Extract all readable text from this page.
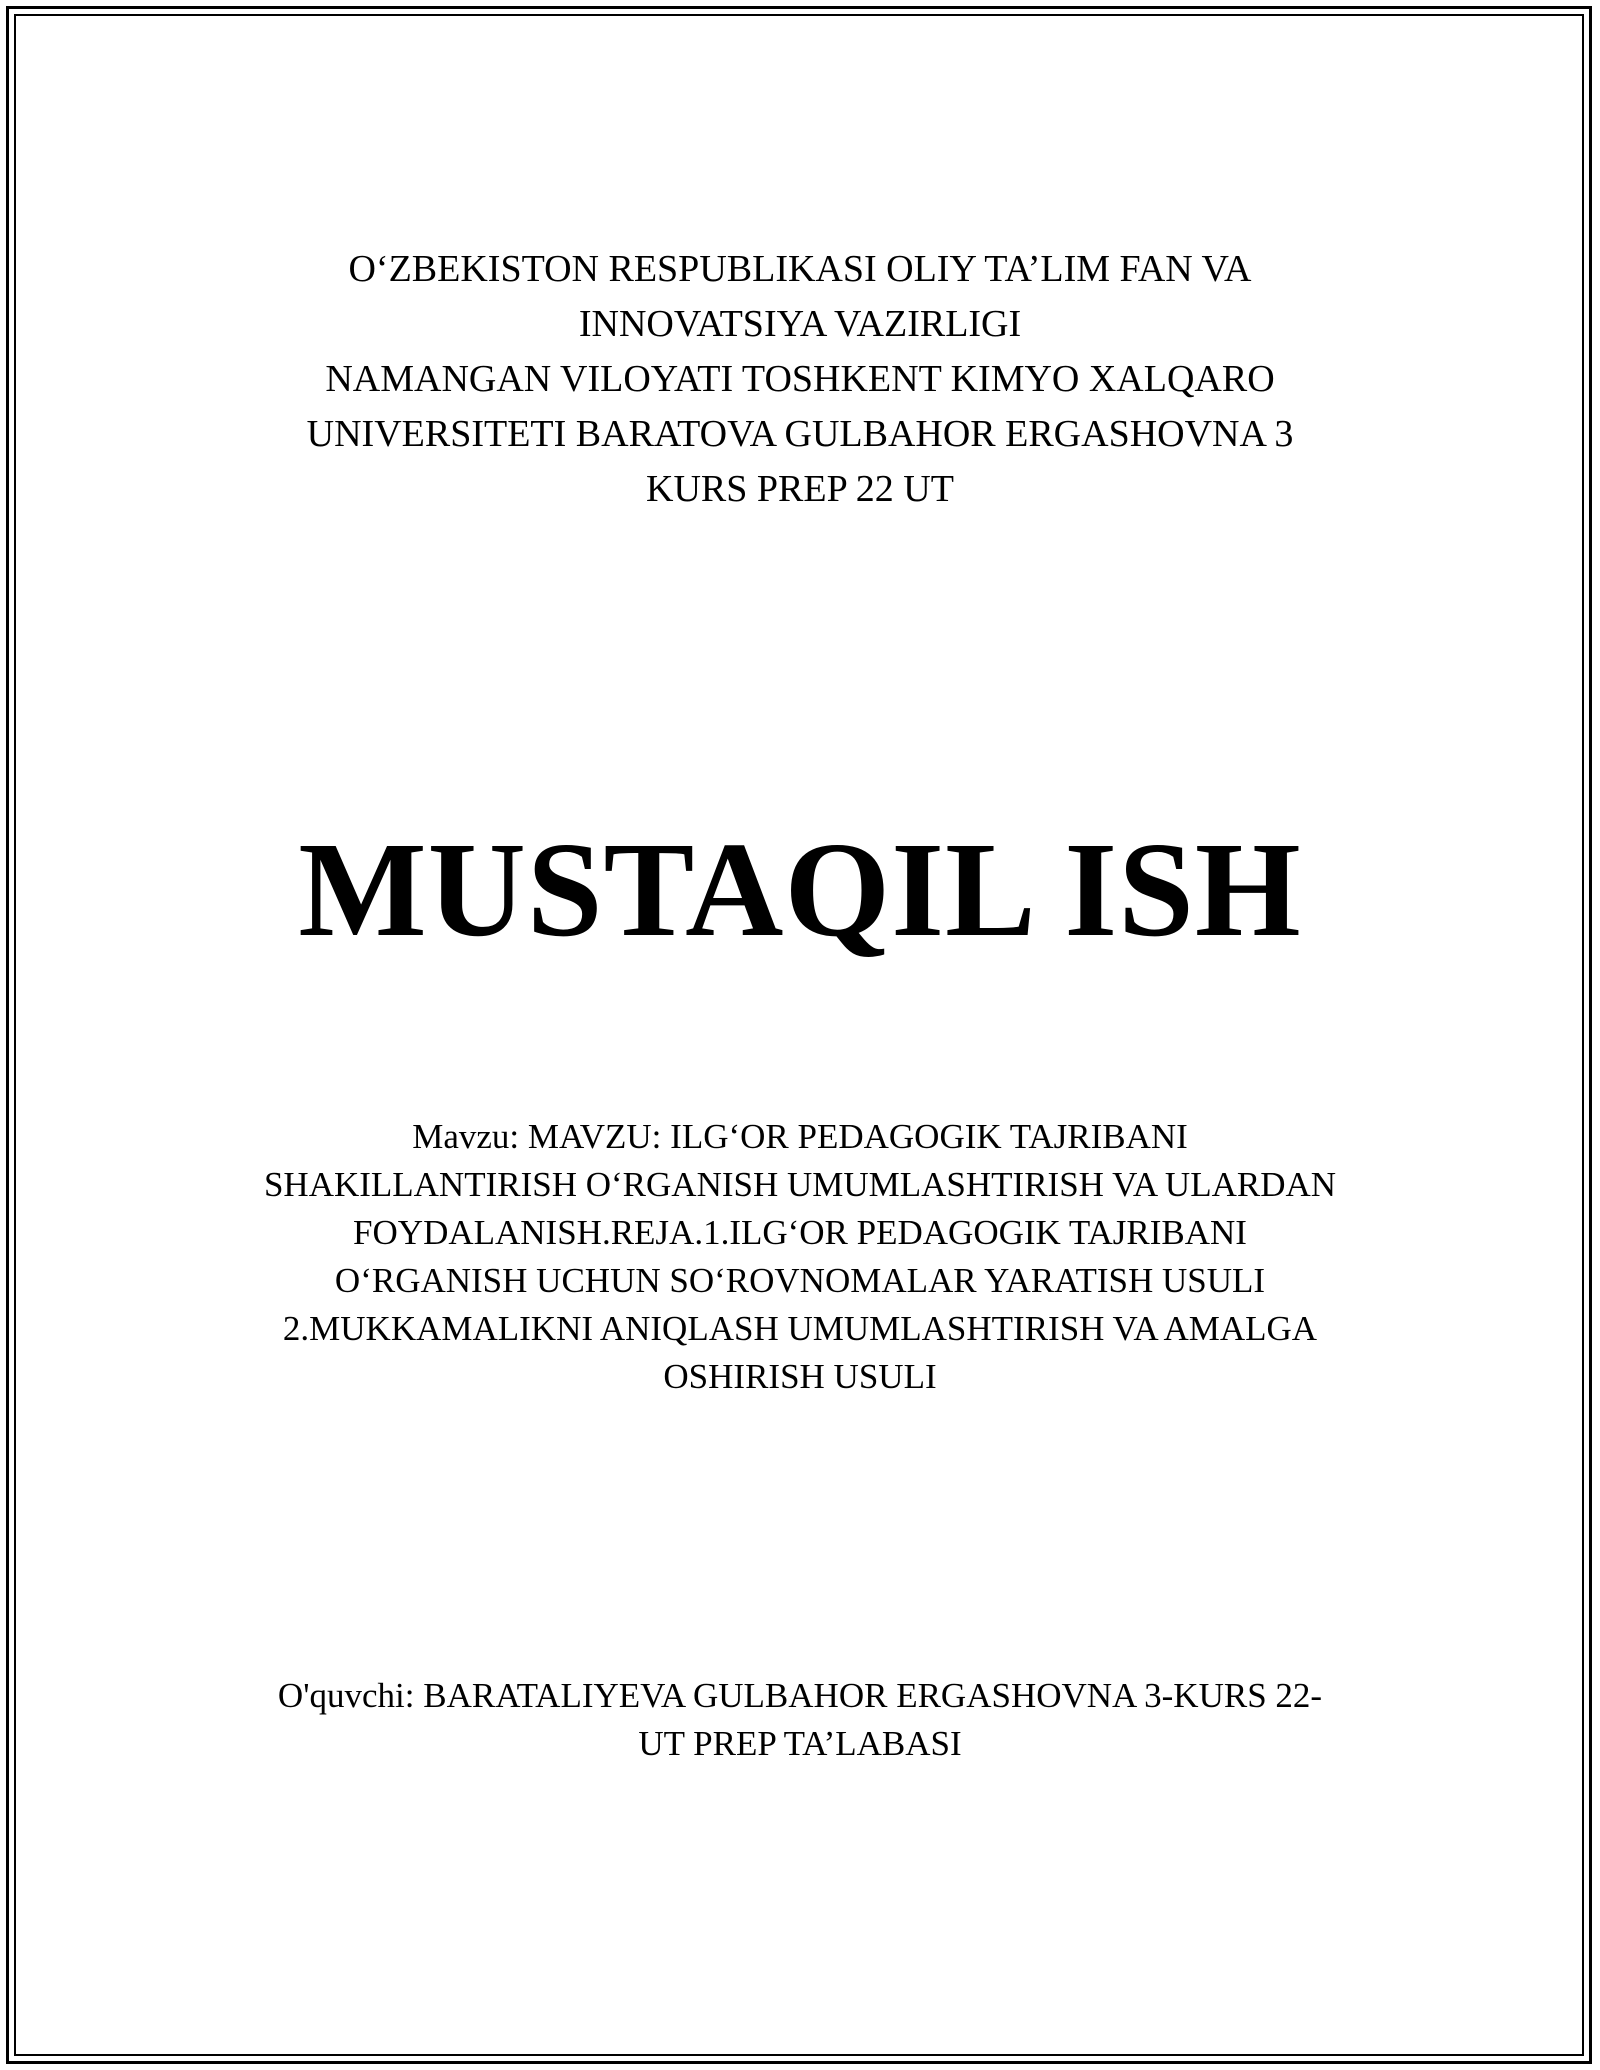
O‘ZBEKISTON RESPUBLIKASI OLIY TA’LIM FAN VA
INNOVATSIYA VAZIRLIGI
NAMANGAN VILOYATI TOSHKENT KIMYO XALQARO
UNIVERSITETI BARATOVA GULBAHOR ERGASHOVNA 3
KURS PREP 22 UT
MUSTAQIL ISH
Mavzu: MAVZU: ILG‘OR PEDAGOGIK TAJRIBANI
SHAKILLANTIRISH O‘RGANISH UMUMLASHTIRISH VA ULARDAN
FOYDALANISH.REJA.1.ILG‘OR PEDAGOGIK TAJRIBANI
O‘RGANISH UCHUN SO‘ROVNOMALAR YARATISH USULI
2.MUKKAMALIKNI ANIQLASH UMUMLASHTIRISH VA AMALGA
OSHIRISH USULI
O'quvchi: BARATALIYEVA GULBAHOR ERGASHOVNA 3-KURS 22-
UT PREP TA’LABASI
